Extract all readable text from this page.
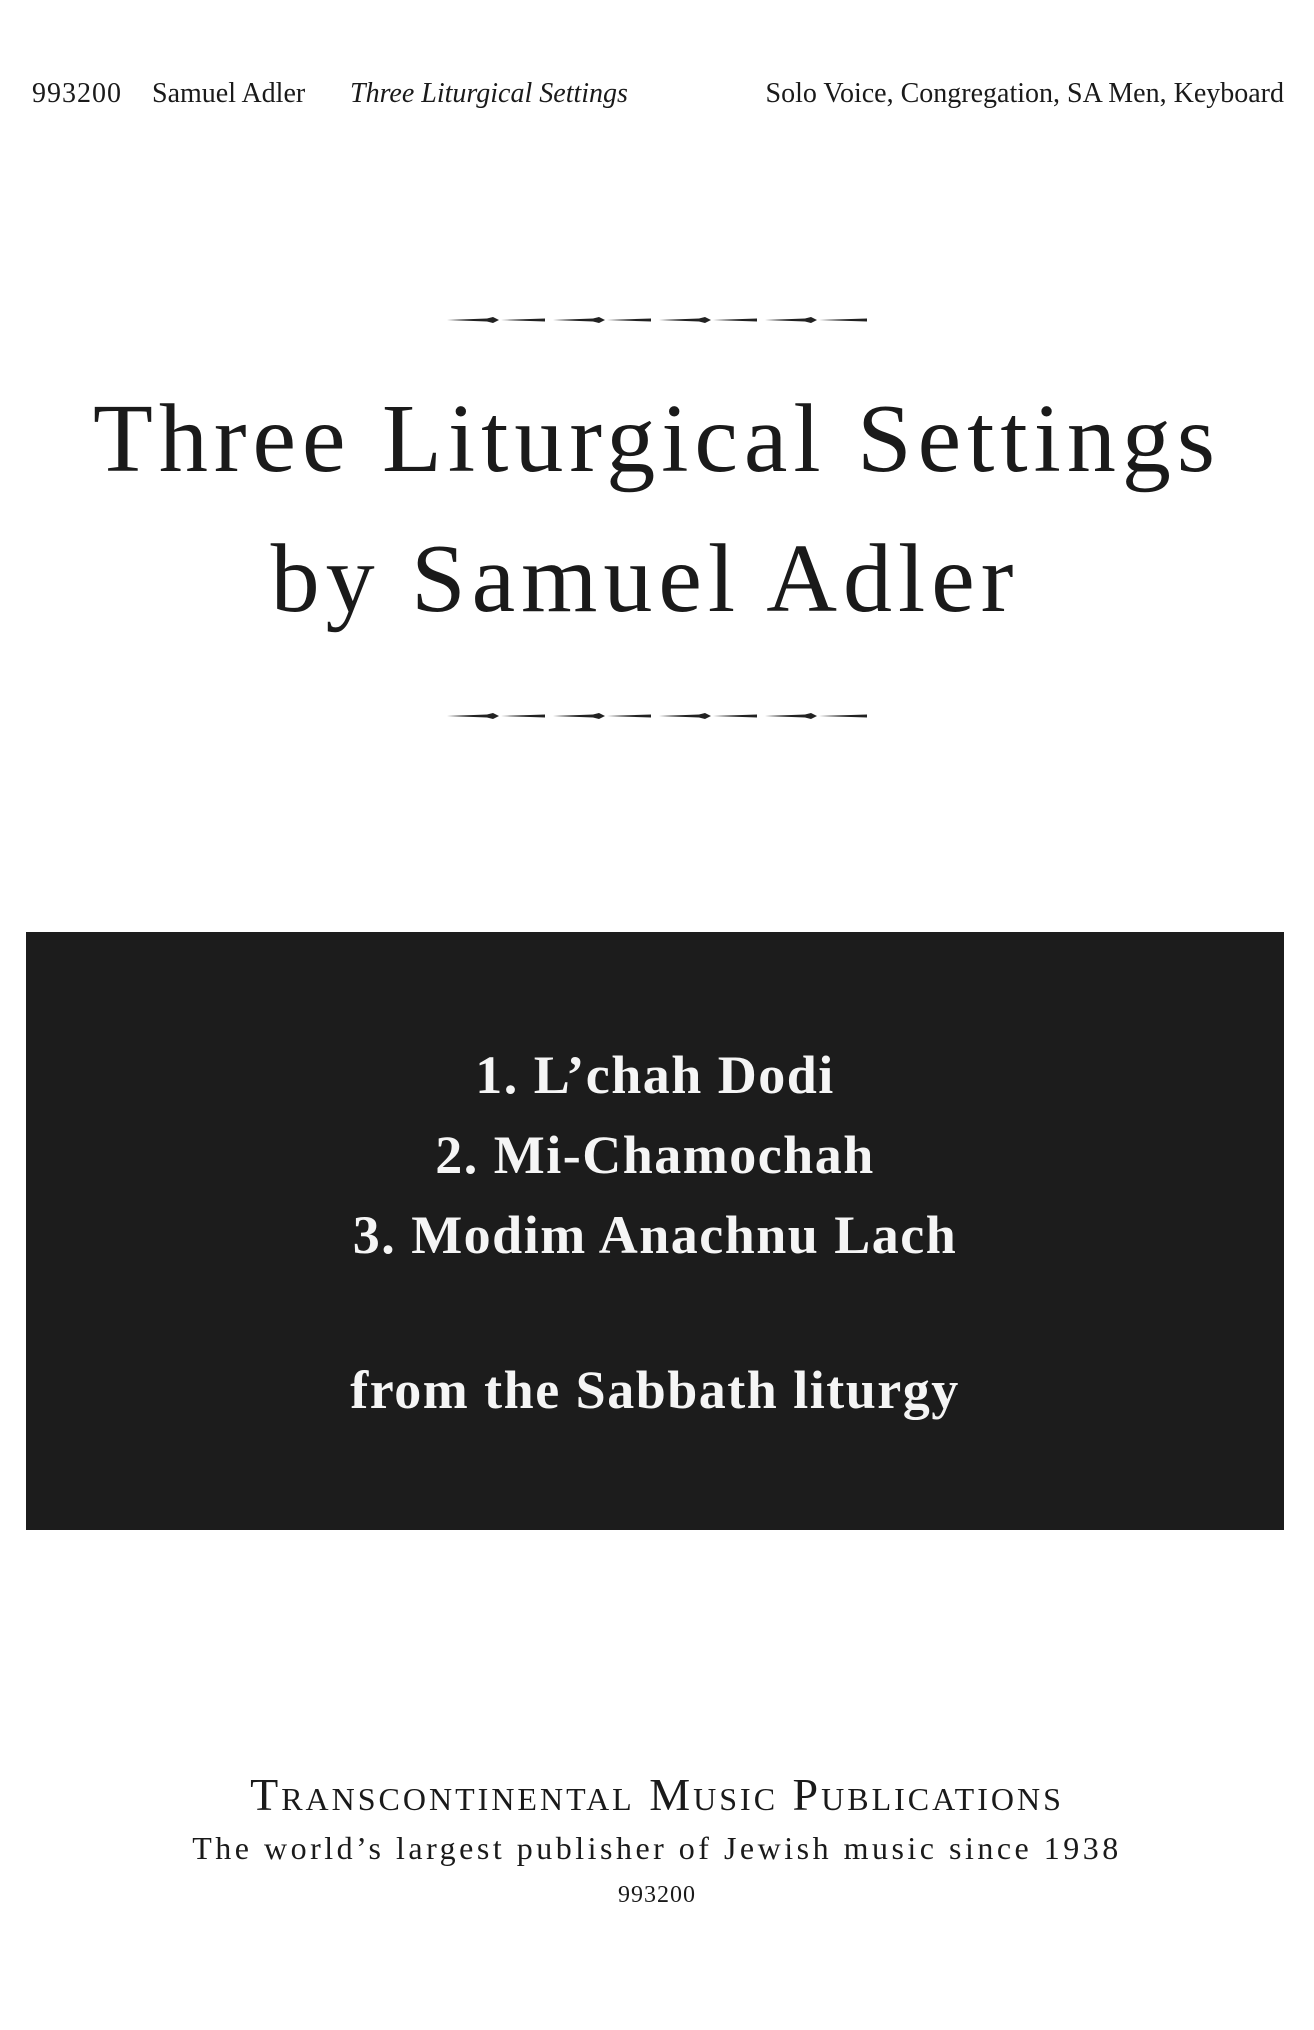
993200 Samuel Adler Three Liturgical Settings	Solo Voice, Congregation, SA Men, Keyboard
Three Liturgical Settings
by Samuel Adler
1. L’chah Dodi
2. Mi-Chamochah
3. Modim Anachnu Lach
from the Sabbath liturgy
Transcontinental Music Publications
The world’s largest publisher of Jewish music since 1938
993200
